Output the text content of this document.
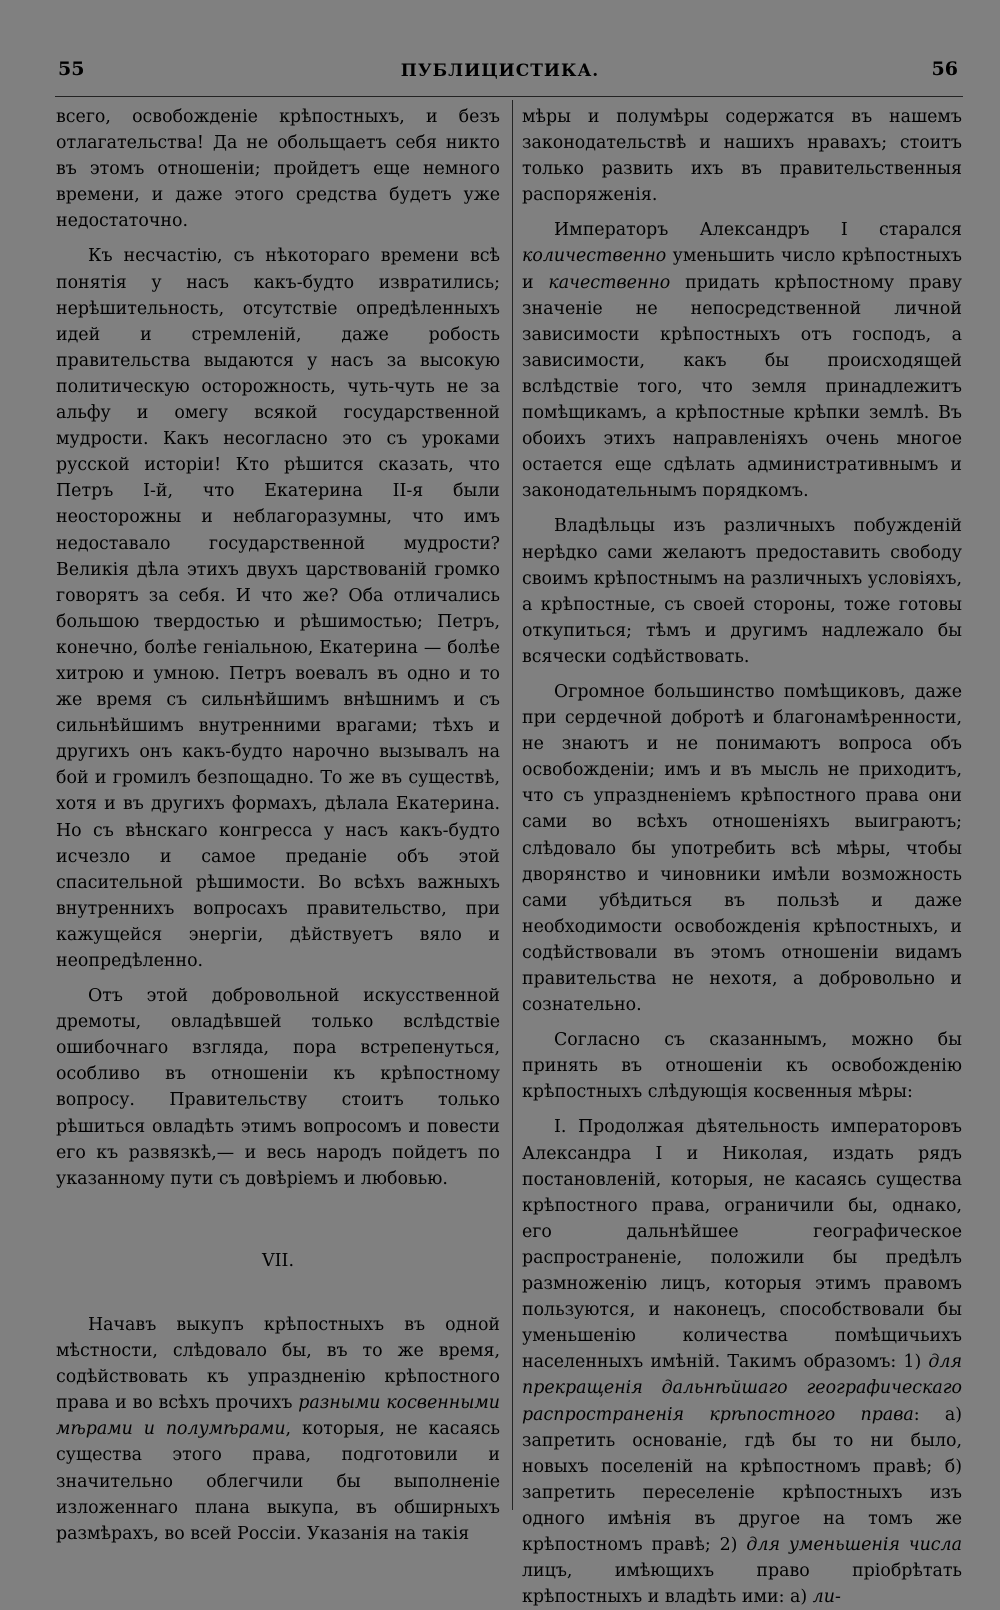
55	ПУБЛИЦИСТИКА.	56

всего, освобожденіе крѣпостныхъ, и безъ отлагательства! Да не обольщаетъ себя никто въ этомъ отношеніи; пройдетъ еще немного времени, и даже этого средства будетъ уже недостаточно.

Къ несчастію, съ нѣкотораго времени всѣ понятія у насъ какъ-будто извратились; нерѣшительность, отсутствіе опредѣленныхъ идей и стремленій, даже робость правительства выдаются у насъ за высокую политическую осторожность, чуть-чуть не за альфу и омегу всякой государственной мудрости. Какъ несогласно это съ уроками русской исторіи! Кто рѣшится сказать, что Петръ І-й, что Екатерина ІІ-я были неосторожны и неблагоразумны, что имъ недоставало государственной мудрости? Великія дѣла этихъ двухъ царствованій громко говорятъ за себя. И что же? Оба отличались большою твердостью и рѣшимостью; Петръ, конечно, болѣе геніальною, Екатерина — болѣе хитрою и умною. Петръ воевалъ въ одно и то же время съ сильнѣйшимъ внѣшнимъ и съ сильнѣйшимъ внутренними врагами; тѣхъ и другихъ онъ какъ-будто нарочно вызывалъ на бой и громилъ безпощадно. То же въ существѣ, хотя и въ другихъ формахъ, дѣлала Екатерина. Но съ вѣнскаго конгресса у насъ какъ-будто исчезло и самое преданіе объ этой спасительной рѣшимости. Во всѣхъ важныхъ внутреннихъ вопросахъ правительство, при кажущейся энергіи, дѣйствуетъ вяло и неопредѣленно.

Отъ этой добровольной искусственной дремоты, овладѣвшей только вслѣдствіе ошибочнаго взгляда, пора встрепенуться, особливо въ отношеніи къ крѣпостному вопросу. Правительству стоитъ только рѣшиться овладѣть этимъ вопросомъ и повести его къ развязкѣ,— и весь народъ пойдетъ по указанному пути съ довѣріемъ и любовью.

VII.

Начавъ выкупъ крѣпостныхъ въ одной мѣстности, слѣдовало бы, въ то же время, содѣйствовать къ упраздненію крѣпостного права и во всѣхъ прочихъ разными косвенными мѣрами и полумѣрами, которыя, не касаясь существа этого права, подготовили и значительно облегчили бы выполненіе изложеннаго плана выкупа, въ обширныхъ размѣрахъ, во всей Россіи. Указанія на такія

мѣры и полумѣры содержатся въ нашемъ законодательствѣ и нашихъ нравахъ; стоитъ только развить ихъ въ правительственныя распоряженія.

Императоръ Александръ І старался количественно уменьшить число крѣпостныхъ и качественно придать крѣпостному праву значеніе не непосредственной личной зависимости крѣпостныхъ отъ господъ, а зависимости, какъ бы происходящей вслѣдствіе того, что земля принадлежитъ помѣщикамъ, а крѣпостные крѣпки землѣ. Въ обоихъ этихъ направленіяхъ очень многое остается еще сдѣлать административнымъ и законодательнымъ порядкомъ.

Владѣльцы изъ различныхъ побужденій нерѣдко сами желаютъ предоставить свободу своимъ крѣпостнымъ на различныхъ условіяхъ, а крѣпостные, съ своей стороны, тоже готовы откупиться; тѣмъ и другимъ надлежало бы всячески содѣйствовать.

Огромное большинство помѣщиковъ, даже при сердечной добротѣ и благонамѣренности, не знаютъ и не понимаютъ вопроса объ освобожденіи; имъ и въ мысль не приходитъ, что съ упраздненіемъ крѣпостного права они сами во всѣхъ отношеніяхъ выиграютъ; слѣдовало бы употребить всѣ мѣры, чтобы дворянство и чиновники имѣли возможность сами убѣдиться въ пользѣ и даже необходимости освобожденія крѣпостныхъ, и содѣйствовали въ этомъ отношеніи видамъ правительства не нехотя, а добровольно и сознательно.

Согласно съ сказаннымъ, можно бы принять въ отношеніи къ освобожденію крѣпостныхъ слѣдующія косвенныя мѣры:

І. Продолжая дѣятельность императоровъ Александра І и Николая, издать рядъ постановленій, которыя, не касаясь существа крѣпостного права, ограничили бы, однако, его дальнѣйшее географическое распространеніе, положили бы предѣлъ размноженію лицъ, которыя этимъ правомъ пользуются, и наконецъ, способствовали бы уменьшенію количества помѣщичьихъ населенныхъ имѣній. Такимъ образомъ: 1) для прекращенія дальнѣйшаго географическаго распространенія крѣпостного права: а) запретить основаніе, гдѣ бы то ни было, новыхъ поселеній на крѣпостномъ правѣ; б) запретить переселеніе крѣпостныхъ изъ одного имѣнія въ другое на томъ же крѣпостномъ правѣ; 2) для уменьшенія числа лицъ, имѣющихъ право пріобрѣтать крѣпостныхъ и владѣть ими: а) ли-
